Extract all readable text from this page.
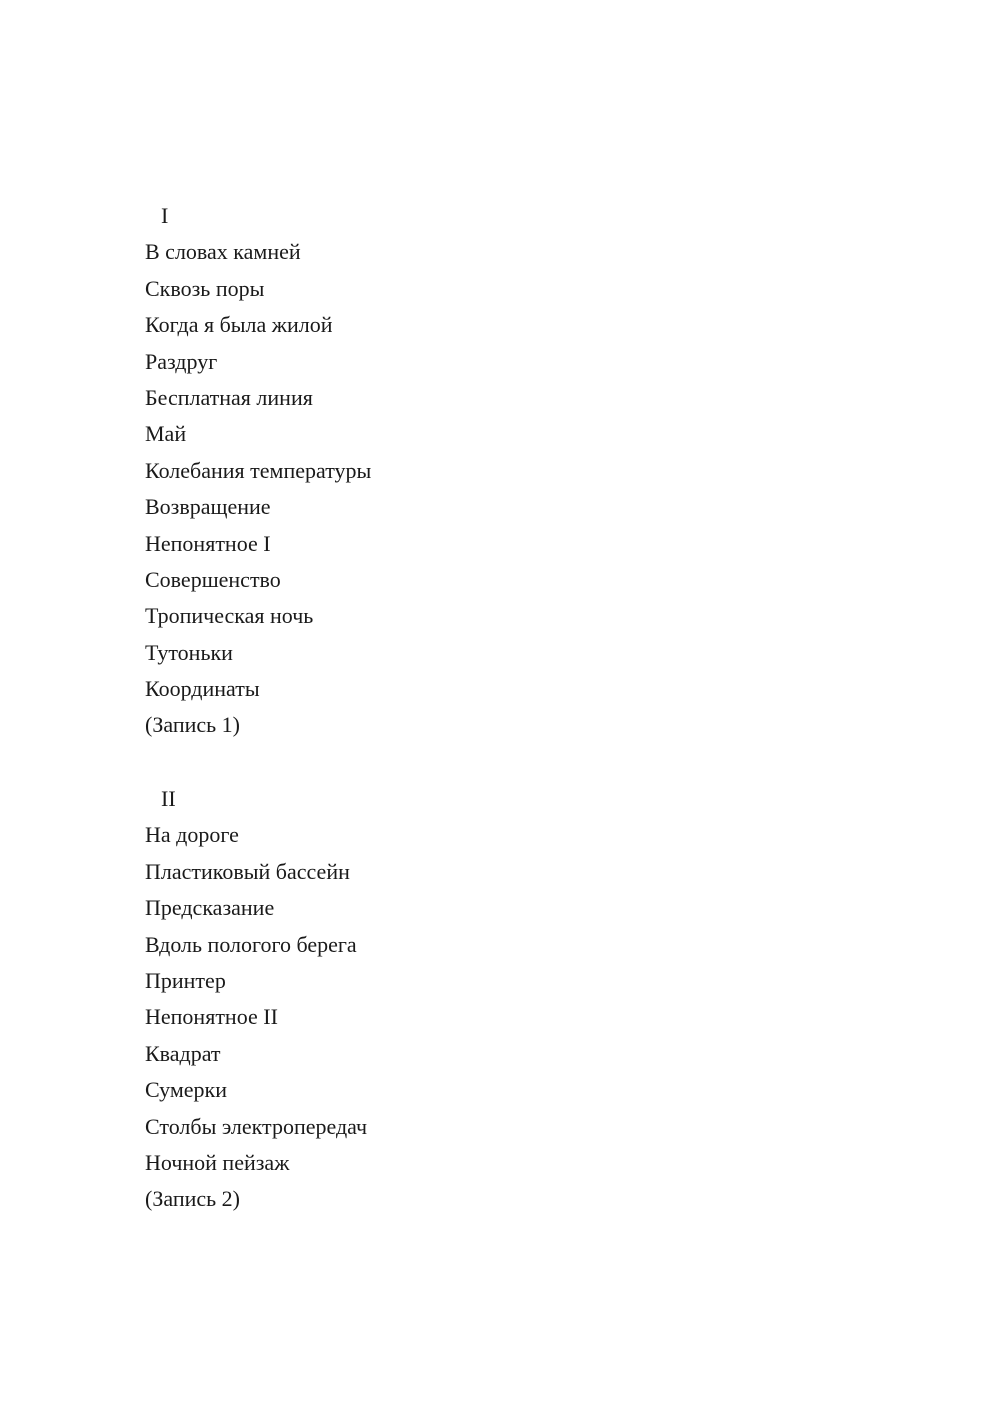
I
В словах камней
Сквозь поры
Когда я была жилой
Раздруг
Бесплатная линия
Май
Колебания температуры
Возвращение
Непонятное I
Совершенство
Тропическая ночь
Тутоньки
Координаты
(Запись 1)
II
На дороге
Пластиковый бассейн
Предсказание
Вдоль пологого берега
Принтер
Непонятное II
Квадрат
Сумерки
Столбы электропередач
Ночной пейзаж
(Запись 2)
